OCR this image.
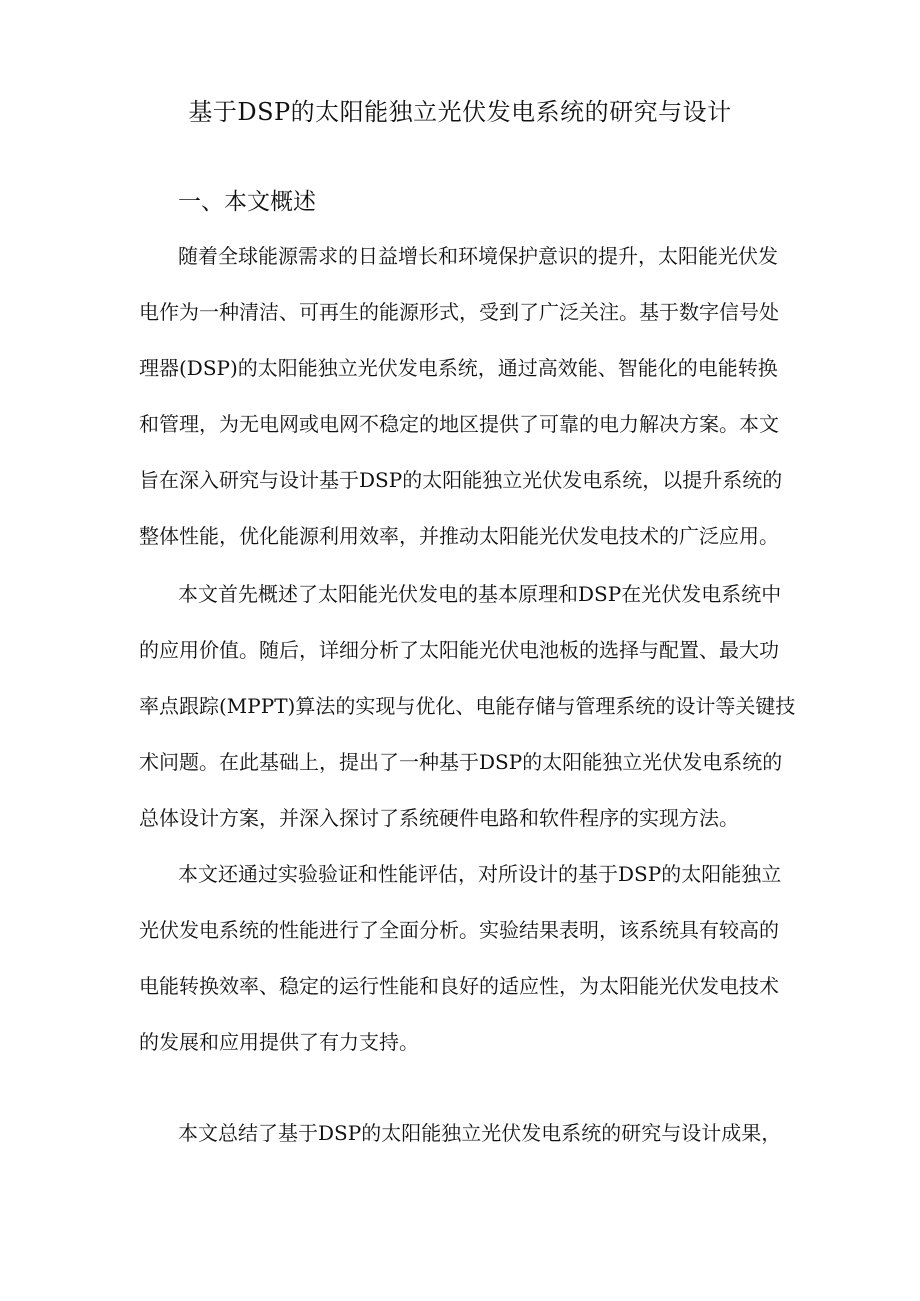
基于DSP的太阳能独立光伏发电系统的研究与设计
一、本文概述

随着全球能源需求的日益增长和环境保护意识的提升，太阳能光伏发

电作为一种清洁、可再生的能源形式，受到了广泛关注。基于数字信号处

理器(DSP)的太阳能独立光伏发电系统，通过高效能、智能化的电能转换

和管理，为无电网或电网不稳定的地区提供了可靠的电力解决方案。本文

旨在深入研究与设计基于DSP的太阳能独立光伏发电系统，以提升系统的

整体性能，优化能源利用效率，并推动太阳能光伏发电技术的广泛应用。

本文首先概述了太阳能光伏发电的基本原理和DSP在光伏发电系统中

的应用价值。随后，详细分析了太阳能光伏电池板的选择与配置、最大功

率点跟踪(MPPT)算法的实现与优化、电能存储与管理系统的设计等关键技

术问题。在此基础上，提出了一种基于DSP的太阳能独立光伏发电系统的

总体设计方案，并深入探讨了系统硬件电路和软件程序的实现方法。

本文还通过实验验证和性能评估，对所设计的基于DSP的太阳能独立

光伏发电系统的性能进行了全面分析。实验结果表明，该系统具有较高的

电能转换效率、稳定的运行性能和良好的适应性，为太阳能光伏发电技术

的发展和应用提供了有力支持。

本文总结了基于DSP的太阳能独立光伏发电系统的研究与设计成果，
